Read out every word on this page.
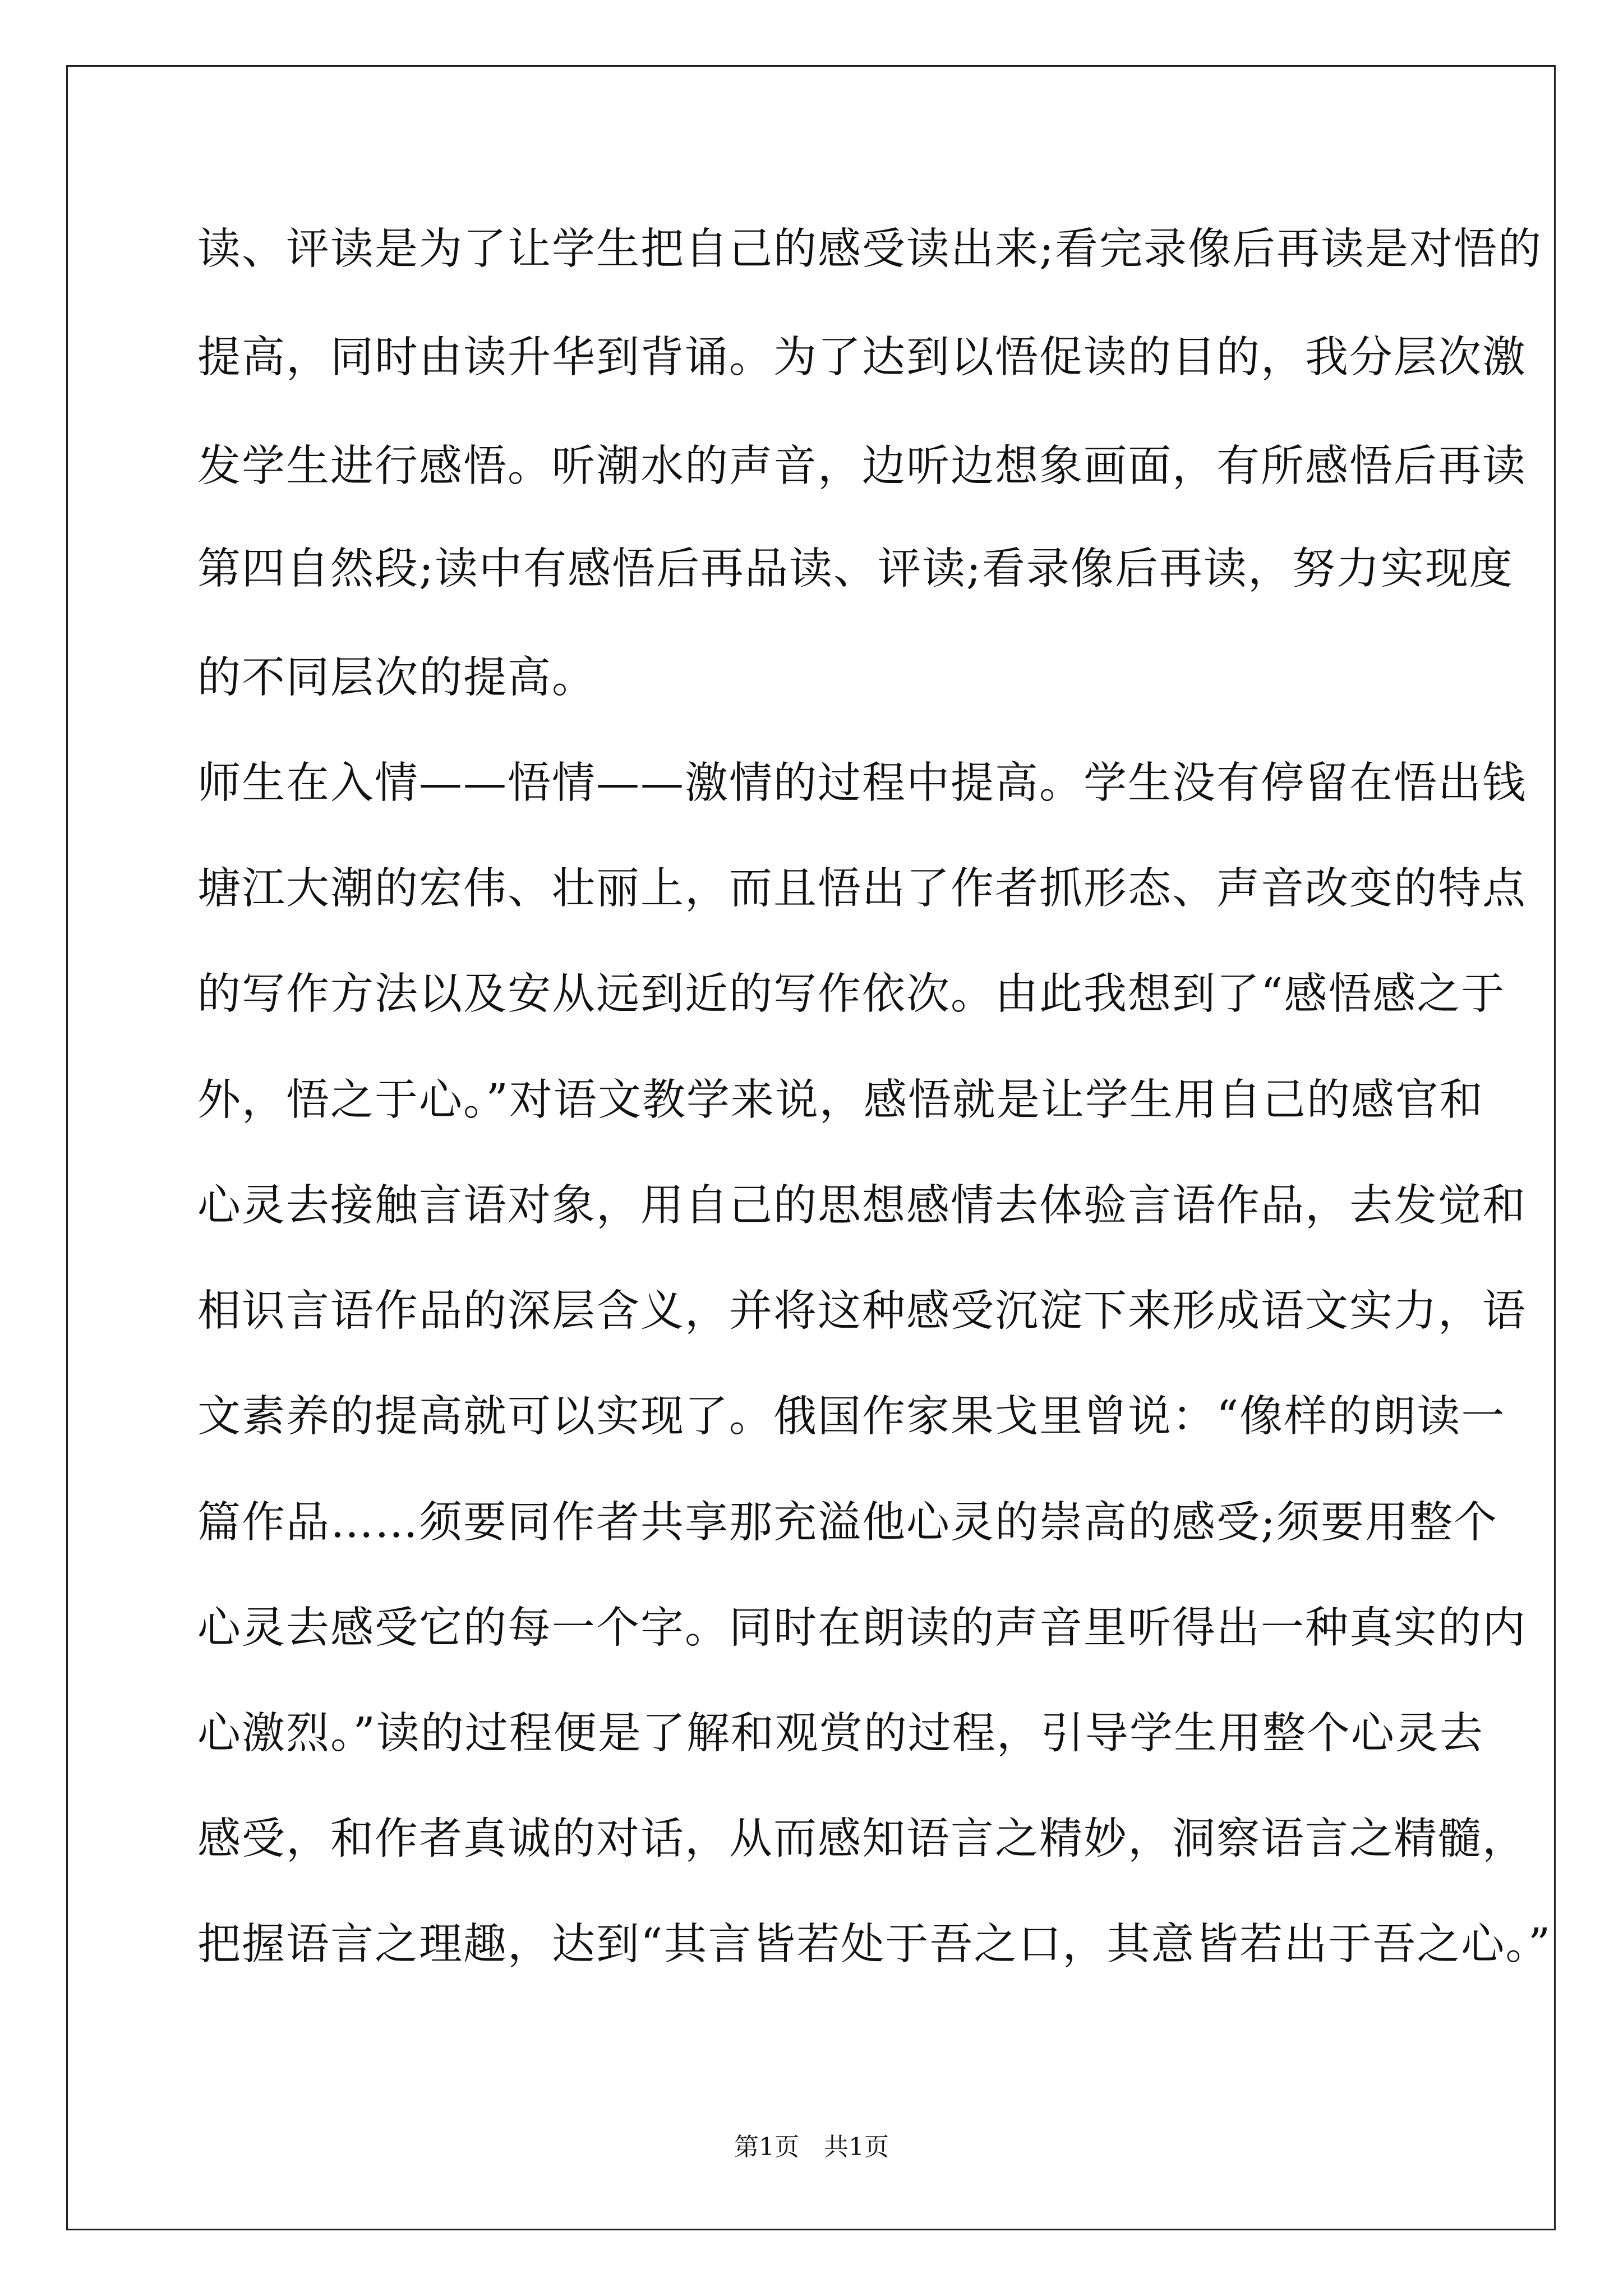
读、评读是为了让学生把自己的感受读出来;看完录像后再读是对悟的
提高，同时由读升华到背诵。为了达到以悟促读的目的，我分层次激
发学生进行感悟。听潮水的声音，边听边想象画面，有所感悟后再读
第四自然段;读中有感悟后再品读、评读;看录像后再读，努力实现度
的不同层次的提高。
师生在入情——悟情——激情的过程中提高。学生没有停留在悟出钱
塘江大潮的宏伟、壮丽上，而且悟出了作者抓形态、声音改变的特点
的写作方法以及安从远到近的写作依次。由此我想到了“感悟感之于
外，悟之于心。”对语文教学来说，感悟就是让学生用自己的感官和
心灵去接触言语对象，用自己的思想感情去体验言语作品，去发觉和
相识言语作品的深层含义，并将这种感受沉淀下来形成语文实力，语
文素养的提高就可以实现了。俄国作家果戈里曾说：“像样的朗读一
篇作品……须要同作者共享那充溢他心灵的崇高的感受;须要用整个
心灵去感受它的每一个字。同时在朗读的声音里听得出一种真实的内
心激烈。”读的过程便是了解和观赏的过程，引导学生用整个心灵去
感受，和作者真诚的对话，从而感知语言之精妙，洞察语言之精髓，
把握语言之理趣，达到“其言皆若处于吾之口，其意皆若出于吾之心。”
第1页　共1页
